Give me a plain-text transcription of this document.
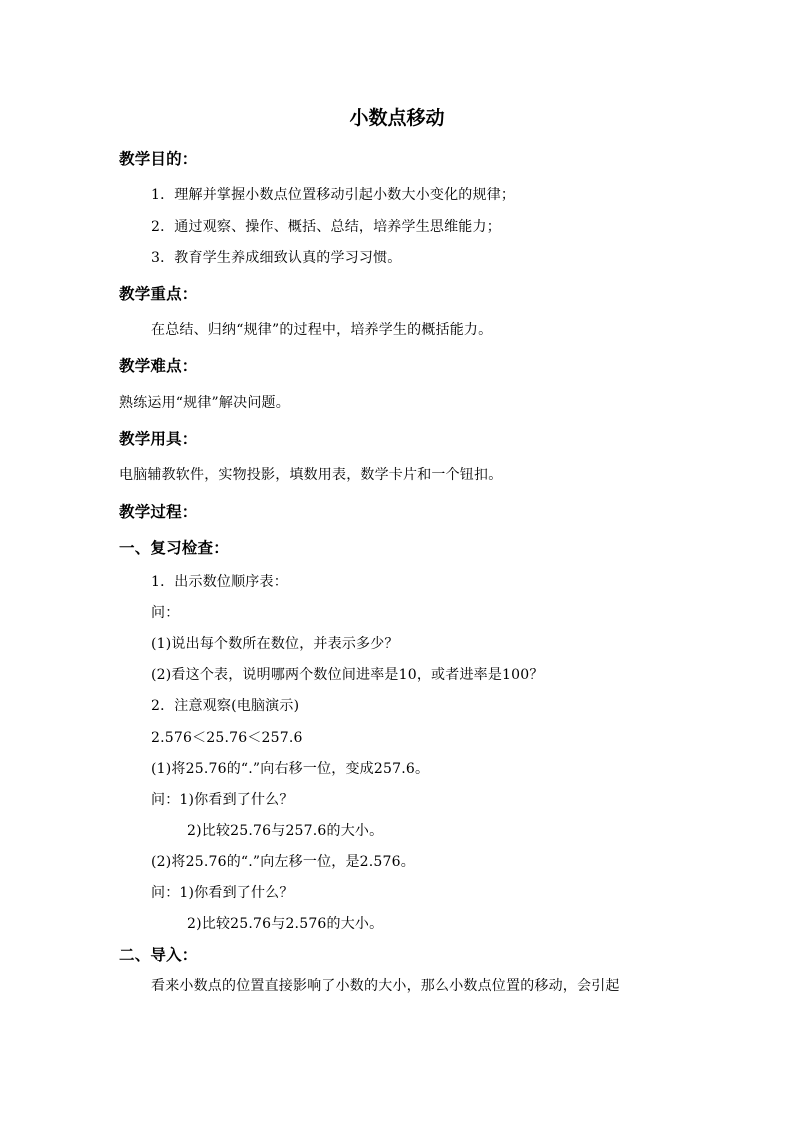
小数点移动
教学目的：
1．理解并掌握小数点位置移动引起小数大小变化的规律；
2．通过观察、操作、概括、总结，培养学生思维能力；
3．教育学生养成细致认真的学习习惯。
教学重点：
在总结、归纳“规律”的过程中，培养学生的概括能力。
教学难点：
熟练运用“规律”解决问题。
教学用具：
电脑辅教软件，实物投影，填数用表，数学卡片和一个钮扣。
教学过程：
一、复习检查：
1．出示数位顺序表：
问：
(1)说出每个数所在数位，并表示多少？
(2)看这个表，说明哪两个数位间进率是10，或者进率是100？
2．注意观察(电脑演示)
2.576＜25.76＜257.6
(1)将25.76的“.”向右移一位，变成257.6。
问：1)你看到了什么？
2)比较25.76与257.6的大小。
(2)将25.76的“.”向左移一位，是2.576。
问：1)你看到了什么？
2)比较25.76与2.576的大小。
二、导入：
看来小数点的位置直接影响了小数的大小，那么小数点位置的移动，会引起
